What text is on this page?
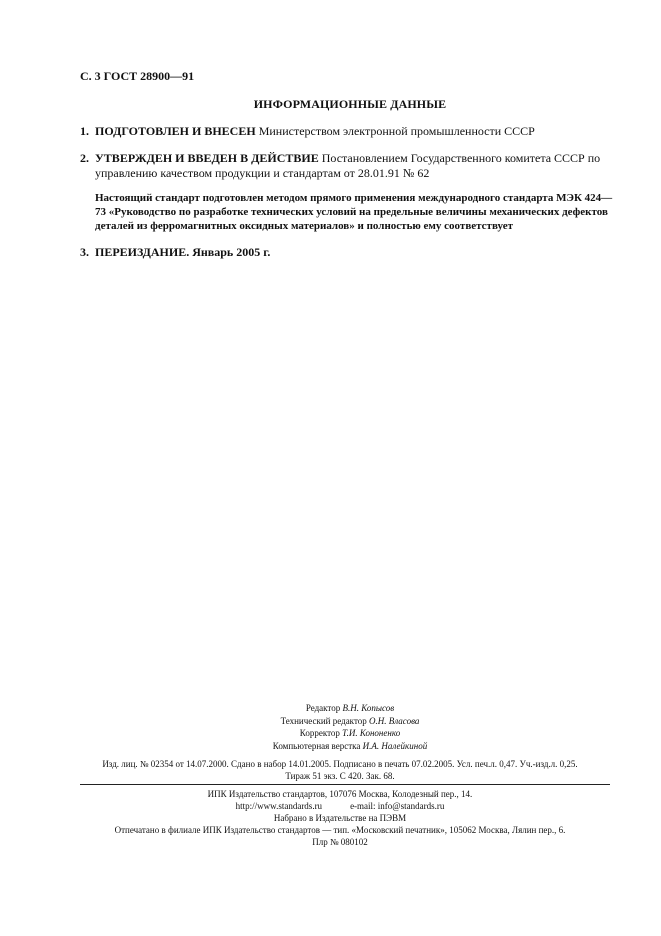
С. 3 ГОСТ 28900—91
ИНФОРМАЦИОННЫЕ ДАННЫЕ
1. ПОДГОТОВЛЕН И ВНЕСЕН Министерством электронной промышленности СССР
2. УТВЕРЖДЕН И ВВЕДЕН В ДЕЙСТВИЕ Постановлением Государственного комитета СССР по управлению качеством продукции и стандартам от 28.01.91 № 62
Настоящий стандарт подготовлен методом прямого применения международного стандарта МЭК 424—73 «Руководство по разработке технических условий на предельные величины механических дефектов деталей из ферромагнитных оксидных материалов» и полностью ему соответствует
3. ПЕРЕИЗДАНИЕ. Январь 2005 г.
Редактор В.Н. Копысов
Технический редактор О.Н. Власова
Корректор Т.И. Кононенко
Компьютерная верстка И.А. Налейкиной
Изд. лиц. № 02354 от 14.07.2000. Сдано в набор 14.01.2005. Подписано в печать 07.02.2005. Усл. печ.л. 0,47. Уч.-изд.л. 0,25.
Тираж 51 экз. С 420. Зак. 68.
ИПК Издательство стандартов, 107076 Москва, Колодезный пер., 14.
http://www.standards.ru	e-mail: info@standards.ru
Набрано в Издательстве на ПЭВМ
Отпечатано в филиале ИПК Издательство стандартов — тип. «Московский печатник», 105062 Москва, Лялин пер., 6.
Плр № 080102
